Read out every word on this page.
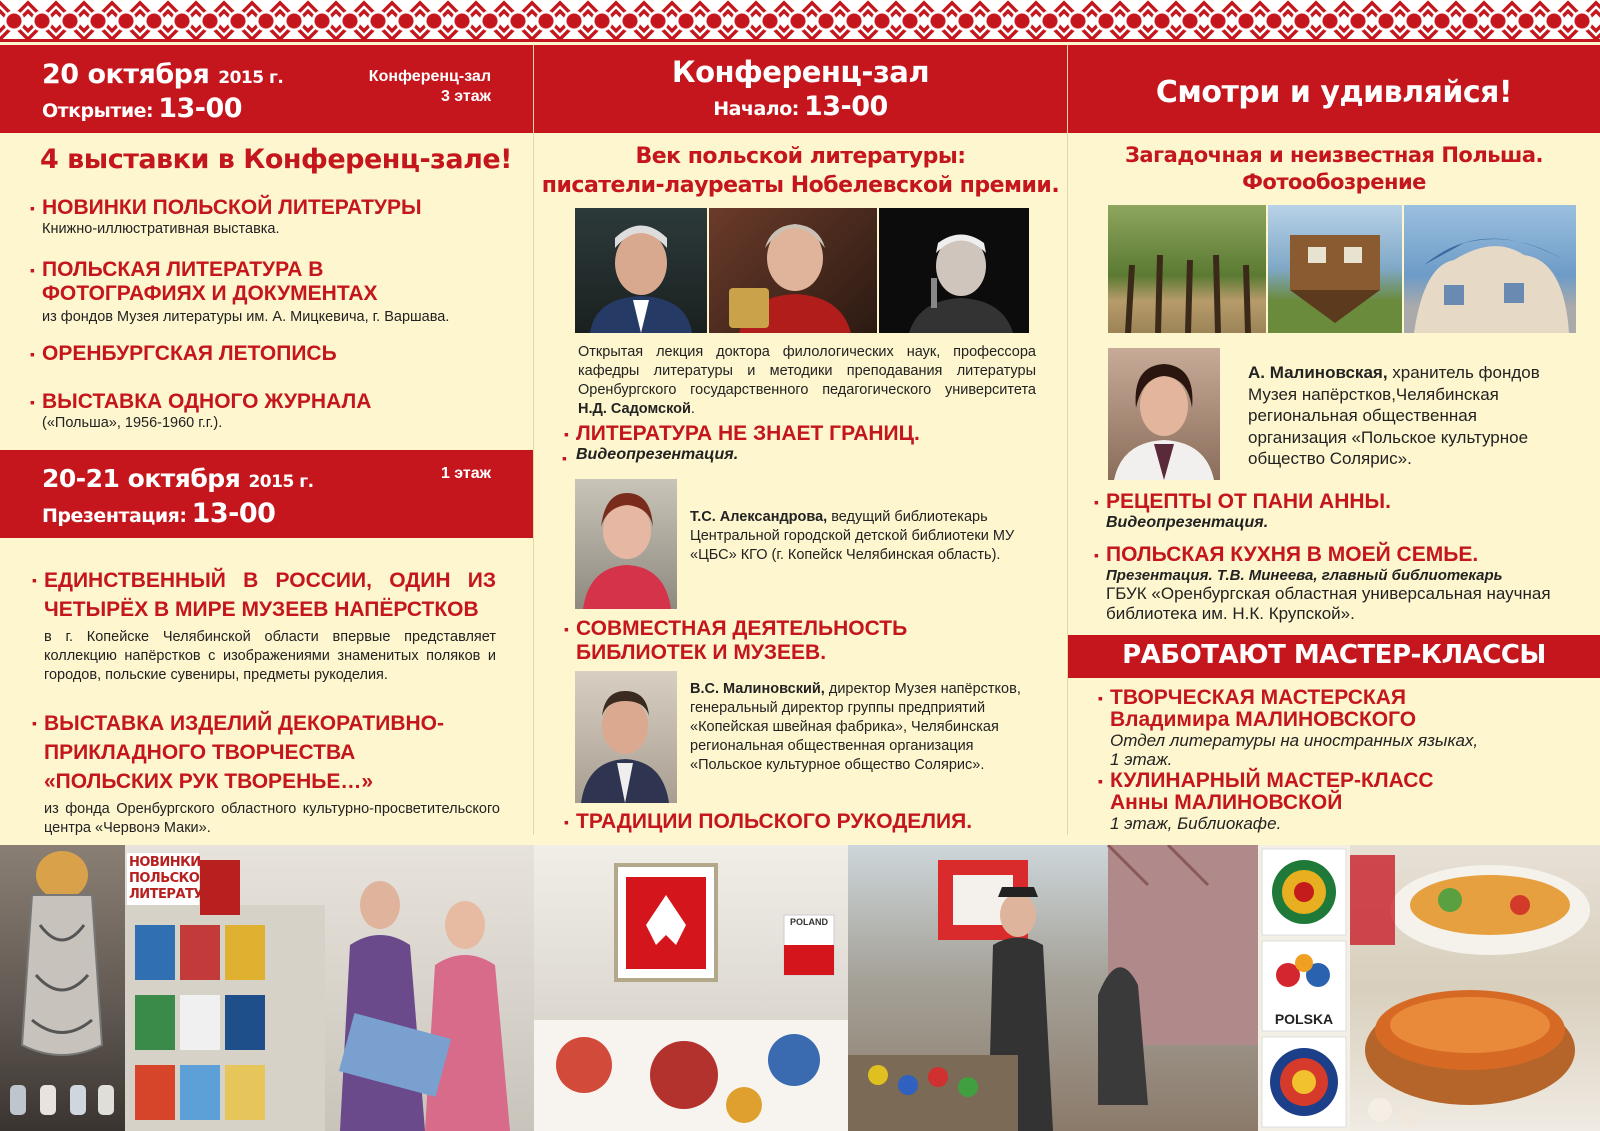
20 октября 2015 г.
Открытие: 13-00
Конференц-зал
3 этаж
4 выставки в Конференц-зале!
▪ НОВИНКИ ПОЛЬСКОЙ ЛИТЕРАТУРЫ
Книжно-иллюстративная выставка.
▪ ПОЛЬСКАЯ ЛИТЕРАТУРА В ФОТОГРАФИЯХ И ДОКУМЕНТАХ
из фондов Музея литературы им. А. Мицкевича, г. Варшава.
▪ ОРЕНБУРГСКАЯ ЛЕТОПИСЬ
▪ ВЫСТАВКА ОДНОГО ЖУРНАЛА
(«Польша», 1956-1960 г.г.).
20-21 октября 2015 г.
Презентация: 13-00
1 этаж
▪ ЕДИНСТВЕННЫЙ В РОССИИ, ОДИН ИЗ ЧЕТЫРЁХ В МИРЕ МУЗЕЕВ НАПЁРСТКОВ
в г. Копейске Челябинской области впервые представляет коллекцию напёрстков с изображениями знаменитых поляков и городов, польские сувениры, предметы рукоделия.
▪ ВЫСТАВКА ИЗДЕЛИЙ ДЕКОРАТИВНО-ПРИКЛАДНОГО ТВОРЧЕСТВА «ПОЛЬСКИХ РУК ТВОРЕНЬЕ…»
из фонда Оренбургского областного культурно-просветительского центра «Червонэ Маки».
Конференц-зал
Начало: 13-00
Век польской литературы:
писатели-лауреаты Нобелевской премии.
Открытая лекция доктора филологических наук, профессора кафедры литературы и методики преподавания литературы Оренбургского государственного педагогического университета Н.Д. Садомской.
▪ ЛИТЕРАТУРА НЕ ЗНАЕТ ГРАНИЦ.
Видеопрезентация.
▪
Т.С. Александрова, ведущий библиотекарь Центральной городской детской библиотеки МУ «ЦБС» КГО (г. Копейск Челябинская область).
▪ СОВМЕСТНАЯ ДЕЯТЕЛЬНОСТЬ БИБЛИОТЕК И МУЗЕЕВ.
В.С. Малиновский, директор Музея напёрстков, генеральный директор группы предприятий «Копейская швейная фабрика», Челябинская региональная общественная организация «Польское культурное общество Солярис».
▪ ТРАДИЦИИ ПОЛЬСКОГО РУКОДЕЛИЯ.
Смотри и удивляйся!
Загадочная и неизвестная Польша.
Фотообозрение
А. Малиновская, хранитель фондов Музея напёрстков,Челябинская региональная общественная организация «Польское культурное общество Солярис».
▪ РЕЦЕПТЫ ОТ ПАНИ АННЫ.
Видеопрезентация.
▪ ПОЛЬСКАЯ КУХНЯ В МОЕЙ СЕМЬЕ.
Презентация. Т.В. Минеева, главный библиотекарь
ГБУК «Оренбургская областная универсальная научная библиотека им. Н.К. Крупской».
РАБОТАЮТ МАСТЕР-КЛАССЫ
▪ ТВОРЧЕСКАЯ МАСТЕРСКАЯ
▪ Владимира МАЛИНОВСКОГО
Отдел литературы на иностранных языках,
1 этаж.
▪ КУЛИНАРНЫЙ МАСТЕР-КЛАСС
▪ Анны МАЛИНОВСКОЙ
1 этаж, Библиокафе.
НОВИНКИ ПОЛЬСКОЙ ЛИТЕРАТУРЫ
POLAND
POLSKA
